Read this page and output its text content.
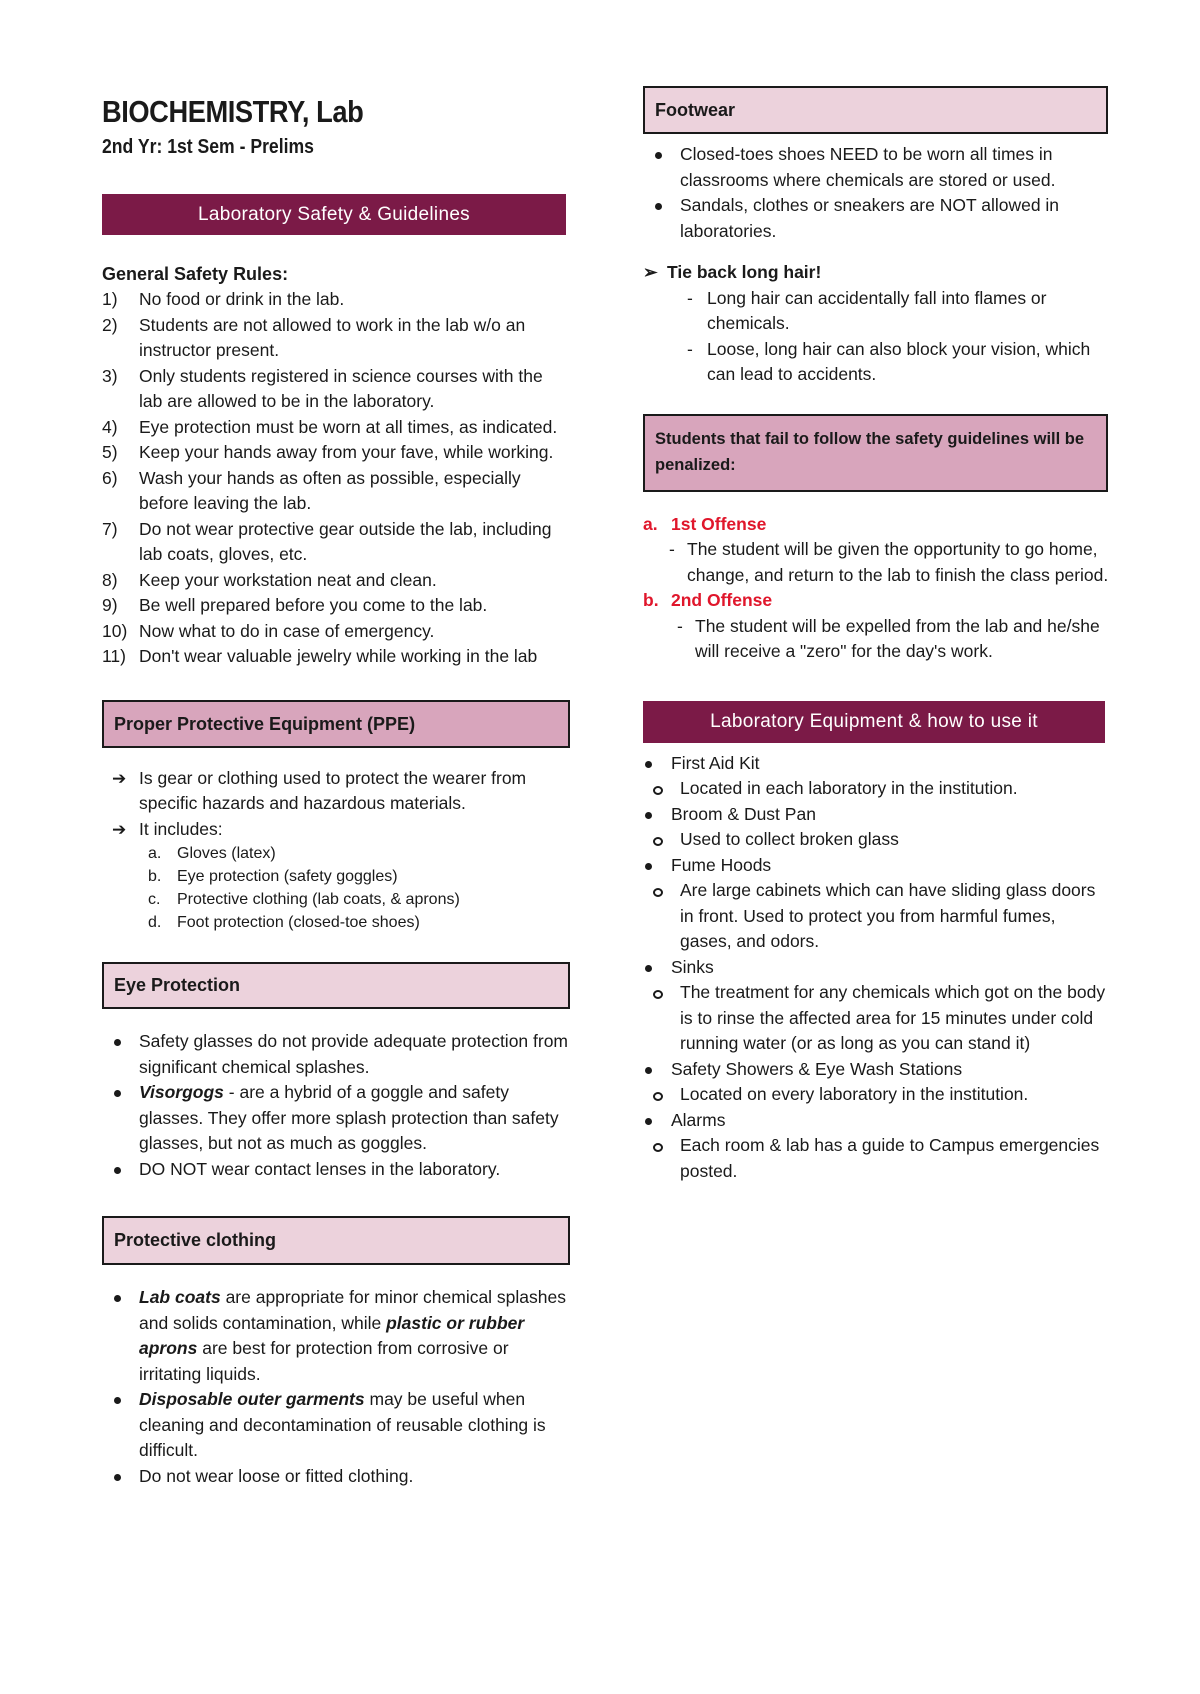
BIOCHEMISTRY, Lab
2nd Yr: 1st Sem - Prelims
Laboratory Safety & Guidelines
General Safety Rules:
1) No food or drink in the lab.
2) Students are not allowed to work in the lab w/o an instructor present.
3) Only students registered in science courses with the lab are allowed to be in the laboratory.
4) Eye protection must be worn at all times, as indicated.
5) Keep your hands away from your fave, while working.
6) Wash your hands as often as possible, especially before leaving the lab.
7) Do not wear protective gear outside the lab, including lab coats, gloves, etc.
8) Keep your workstation neat and clean.
9) Be well prepared before you come to the lab.
10) Now what to do in case of emergency.
11) Don't wear valuable jewelry while working in the lab
Proper Protective Equipment (PPE)
➔ Is gear or clothing used to protect the wearer from specific hazards and hazardous materials.
➔ It includes:
a. Gloves (latex)
b. Eye protection (safety goggles)
c. Protective clothing (lab coats, & aprons)
d. Foot protection (closed-toe shoes)
Eye Protection
Safety glasses do not provide adequate protection from significant chemical splashes.
Visorgogs - are a hybrid of a goggle and safety glasses. They offer more splash protection than safety glasses, but not as much as goggles.
DO NOT wear contact lenses in the laboratory.
Protective clothing
Lab coats are appropriate for minor chemical splashes and solids contamination, while plastic or rubber aprons are best for protection from corrosive or irritating liquids.
Disposable outer garments may be useful when cleaning and decontamination of reusable clothing is difficult.
Do not wear loose or fitted clothing.
Footwear
Closed-toes shoes NEED to be worn all times in classrooms where chemicals are stored or used.
Sandals, clothes or sneakers are NOT allowed in laboratories.
➢ Tie back long hair!
- Long hair can accidentally fall into flames or chemicals.
- Loose, long hair can also block your vision, which can lead to accidents.
Students that fail to follow the safety guidelines will be penalized:
a. 1st Offense
- The student will be given the opportunity to go home, change, and return to the lab to finish the class period.
b. 2nd Offense
- The student will be expelled from the lab and he/she will receive a "zero" for the day's work.
Laboratory Equipment & how to use it
First Aid Kit
Located in each laboratory in the institution.
Broom & Dust Pan
Used to collect broken glass
Fume Hoods
Are large cabinets which can have sliding glass doors in front. Used to protect you from harmful fumes, gases, and odors.
Sinks
The treatment for any chemicals which got on the body is to rinse the affected area for 15 minutes under cold running water (or as long as you can stand it)
Safety Showers & Eye Wash Stations
Located on every laboratory in the institution.
Alarms
Each room & lab has a guide to Campus emergencies posted.
